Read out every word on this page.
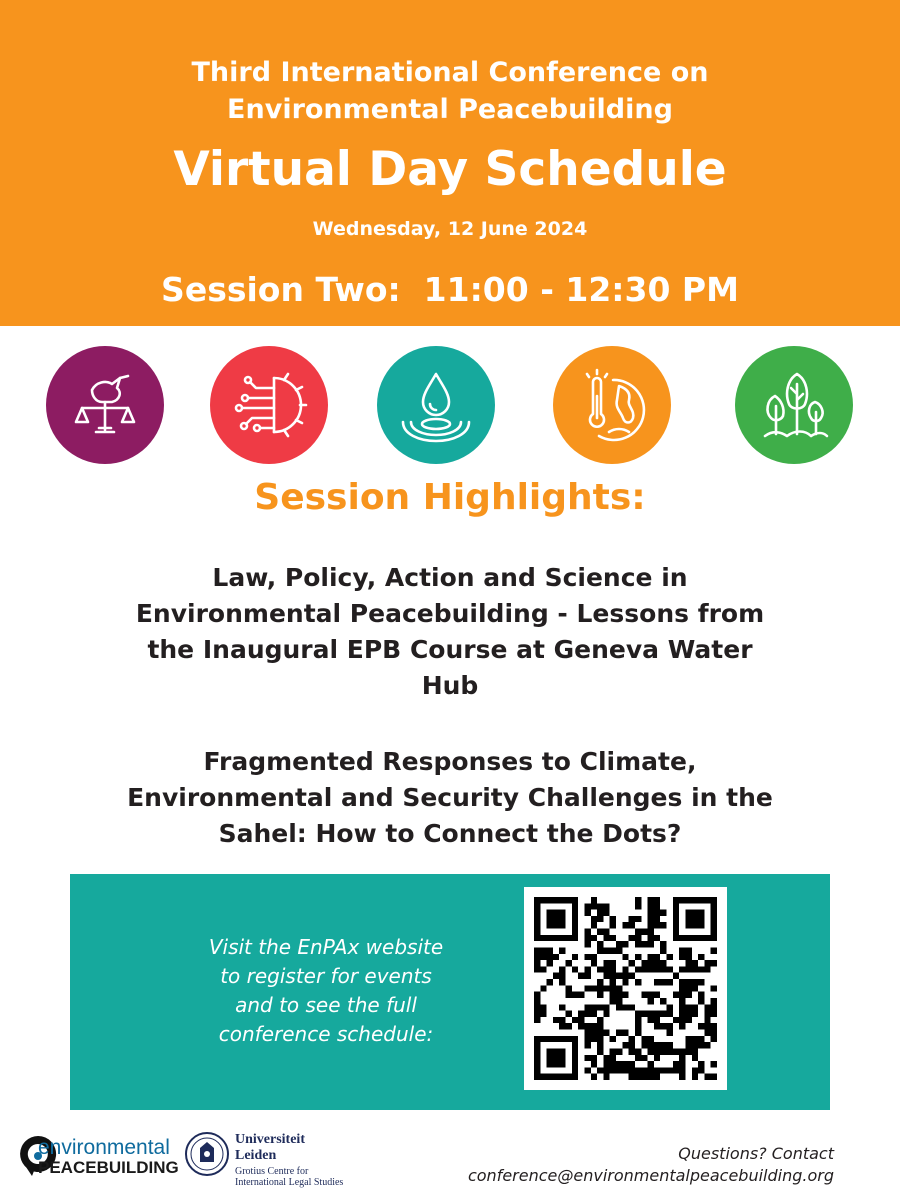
Third International Conference on
Environmental Peacebuilding
Virtual Day Schedule
Wednesday, 12 June 2024
Session Two:  11:00 - 12:30 PM
Session Highlights:
Law, Policy, Action and Science in
Environmental Peacebuilding - Lessons from
the Inaugural EPB Course at Geneva Water
Hub
Fragmented Responses to Climate,
Environmental and Security Challenges in the
Sahel: How to Connect the Dots?
Visit the EnPAx website
to register for events
and to see the full
conference schedule:
environmental
PEACEBUILDING
Universiteit
Leiden
Grotius Centre for
International Legal Studies
Questions? Contact
conference@environmentalpeacebuilding.org
